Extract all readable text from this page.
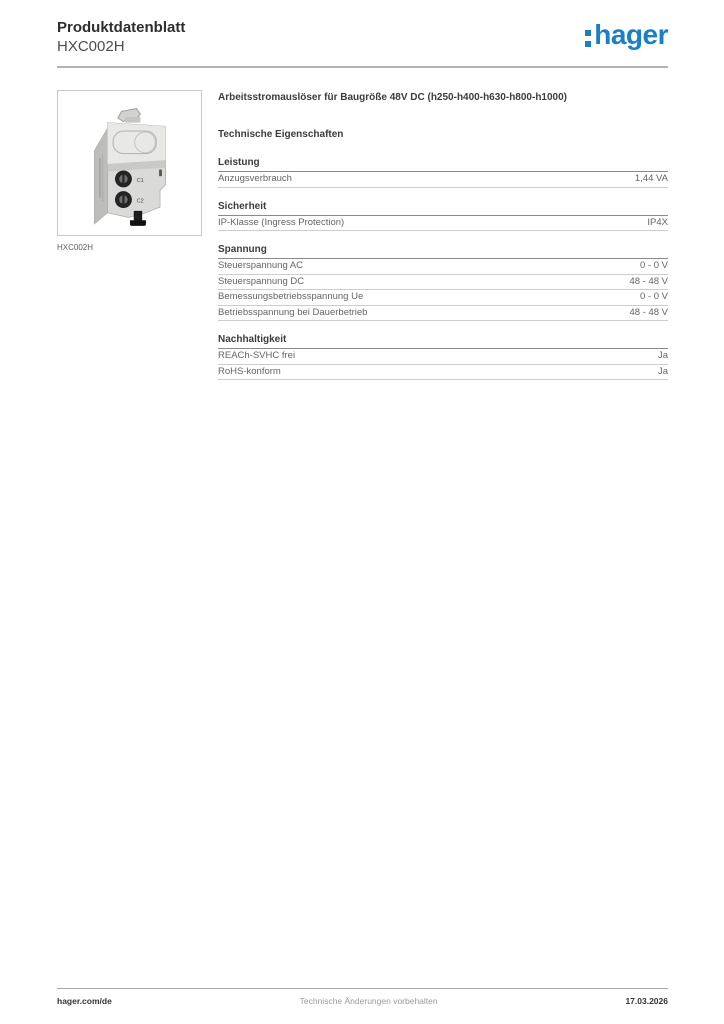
Produktdatenblatt
HXC002H	hager
C1
C2
HXC002H

Arbeitsstromauslöser für Baugröße 48V DC (h250-h400-h630-h800-h1000)

Technische Eigenschaften

Leistung
Anzugsverbrauch	1,44 VA
Sicherheit
IP-Klasse (Ingress Protection)	IP4X
Spannung
Steuerspannung AC	0 - 0 V
Steuerspannung DC	48 - 48 V
Bemessungsbetriebsspannung Ue	0 - 0 V
Betriebsspannung bei Dauerbetrieb	48 - 48 V
Nachhaltigkeit
REACh-SVHC frei	Ja
RoHS-konform	Ja
hager.com/de	Technische Änderungen vorbehalten	17.03.2026
